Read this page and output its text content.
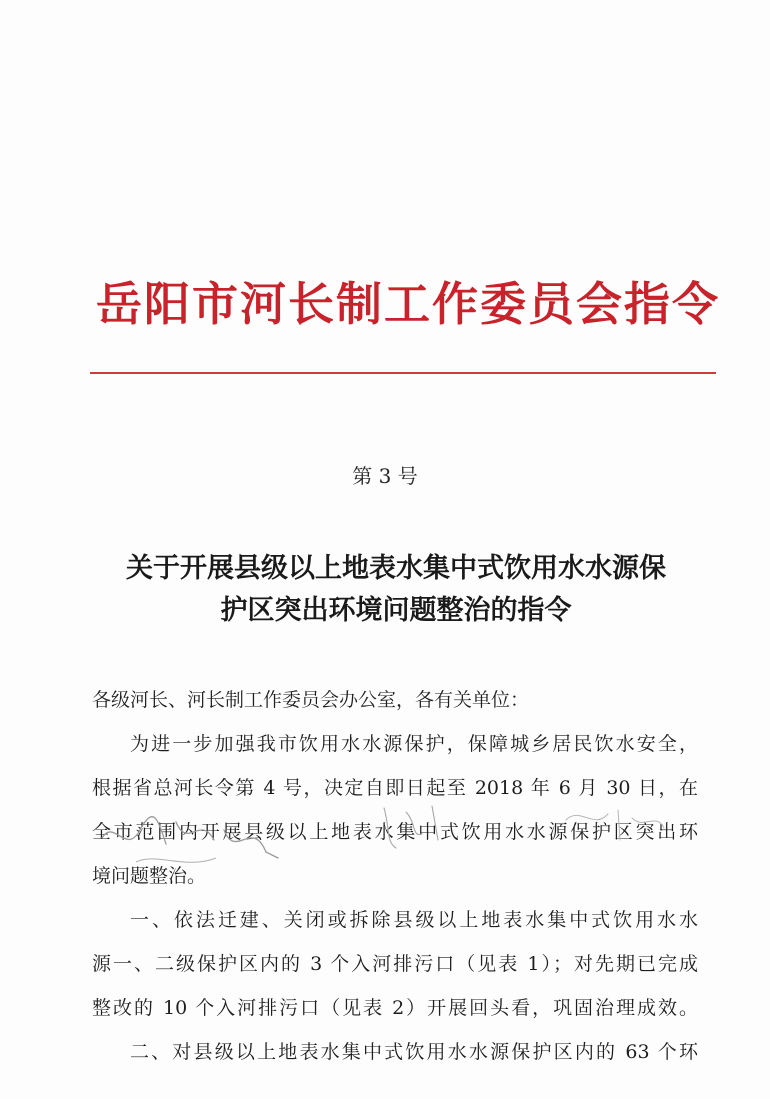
岳阳市河长制工作委员会指令
第 3 号
关于开展县级以上地表水集中式饮用水水源保
护区突出环境问题整治的指令
各级河长、河长制工作委员会办公室，各有关单位：
为进一步加强我市饮用水水源保护，保障城乡居民饮水安全，
根据省总河长令第 4 号，决定自即日起至 2018 年 6 月 30 日，在
全市范围内开展县级以上地表水集中式饮用水水源保护区突出环
境问题整治。
一、依法迁建、关闭或拆除县级以上地表水集中式饮用水水
源一、二级保护区内的 3 个入河排污口（见表 1）；对先期已完成
整改的 10 个入河排污口（见表 2）开展回头看，巩固治理成效。
二、对县级以上地表水集中式饮用水水源保护区内的 63 个环
